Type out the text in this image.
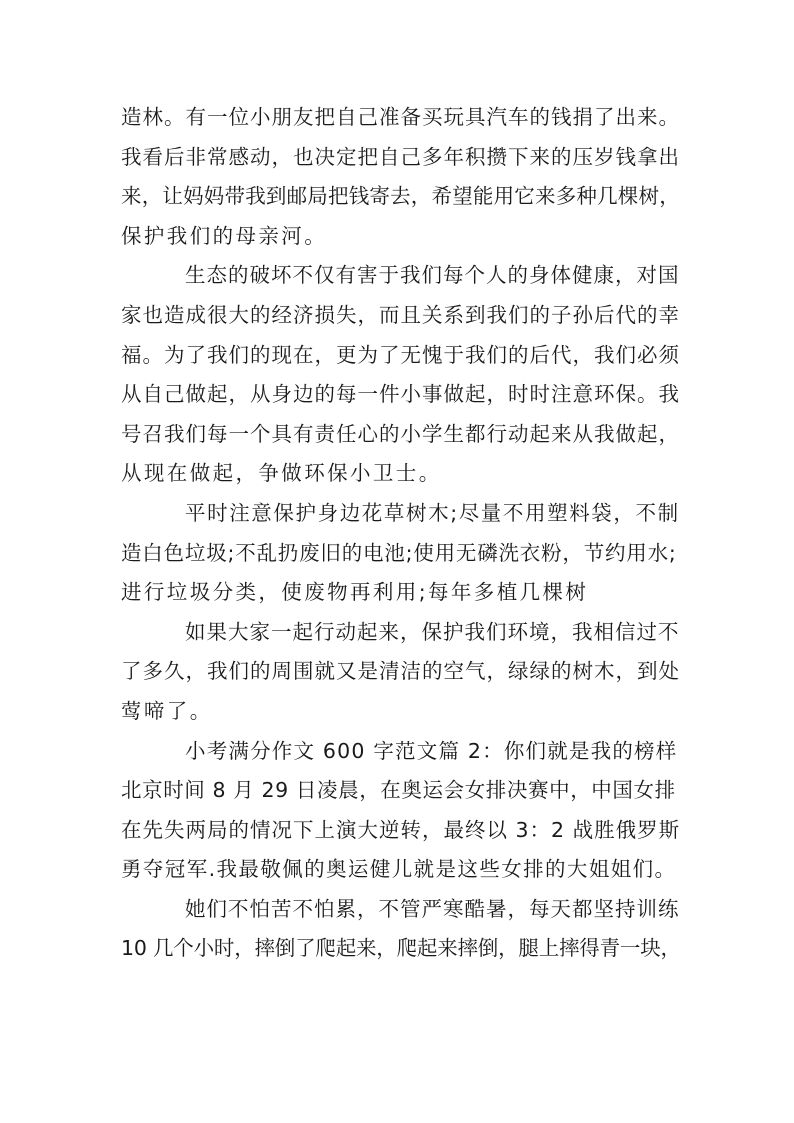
造林。有一位小朋友把自己准备买玩具汽车的钱捐了出来。
我看后非常感动，也决定把自己多年积攒下来的压岁钱拿出
来，让妈妈带我到邮局把钱寄去，希望能用它来多种几棵树，
保护我们的母亲河。
生态的破坏不仅有害于我们每个人的身体健康，对国
家也造成很大的经济损失，而且关系到我们的子孙后代的幸
福。为了我们的现在，更为了无愧于我们的后代，我们必须
从自己做起，从身边的每一件小事做起，时时注意环保。我
号召我们每一个具有责任心的小学生都行动起来从我做起，
从现在做起，争做环保小卫士。
平时注意保护身边花草树木;尽量不用塑料袋，不制
造白色垃圾;不乱扔废旧的电池;使用无磷洗衣粉，节约用水;
进行垃圾分类，使废物再利用;每年多植几棵树
如果大家一起行动起来，保护我们环境，我相信过不
了多久，我们的周围就又是清洁的空气，绿绿的树木，到处
莺啼了。
小考满分作文 600 字范文篇 2：你们就是我的榜样
北京时间 8 月 29 日凌晨，在奥运会女排决赛中，中国女排
在先失两局的情况下上演大逆转，最终以 3：2 战胜俄罗斯
勇夺冠军.我最敬佩的奥运健儿就是这些女排的大姐姐们。
她们不怕苦不怕累，不管严寒酷暑，每天都坚持训练
10 几个小时，摔倒了爬起来，爬起来摔倒，腿上摔得青一块，
